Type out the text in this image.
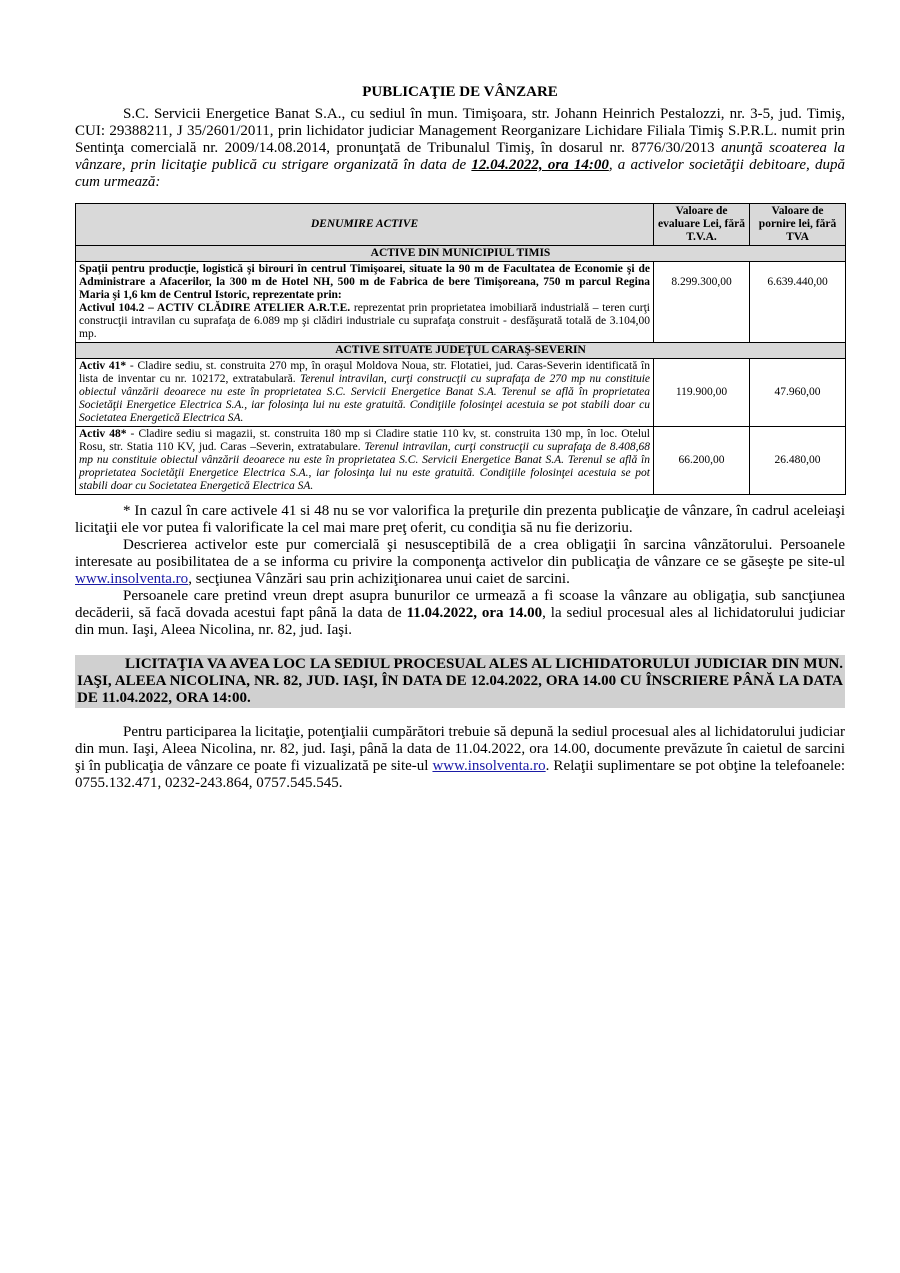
PUBLICAŢIE DE VÂNZARE

S.C. Servicii Energetice Banat S.A., cu sediul în mun. Timişoara, str. Johann Heinrich Pestalozzi, nr. 3-5, jud. Timiş, CUI: 29388211, J 35/2601/2011, prin lichidator judiciar Management Reorganizare Lichidare Filiala Timiş S.P.R.L. numit prin Sentinţa comercială nr. 2009/14.08.2014, pronunţată de Tribunalul Timiş, în dosarul nr. 8776/30/2013 anunţă scoaterea la vânzare, prin licitaţie publică cu strigare organizată în data de 12.04.2022, ora 14:00, a activelor societăţii debitoare, după cum urmează:

DENUMIRE ACTIVE	Valoare de evaluare Lei, fără T.V.A.	Valoare de pornire lei, fără TVA
ACTIVE DIN MUNICIPIUL TIMIS		
Spaţii pentru producţie, logistică şi birouri în centrul Timişoarei, situate la 90 m de Facultatea de Economie şi de Administrare a Afacerilor, la 300 m de Hotel NH, 500 m de Fabrica de bere Timişoreana, 750 m parcul Regina Maria şi 1,6 km de Centrul Istoric, reprezentate prin:
Activul 104.2 – ACTIV CLĂDIRE ATELIER A.R.T.E. reprezentat prin proprietatea imobiliară industrială – teren curţi construcţii intravilan cu suprafaţa de 6.089 mp şi clădiri industriale cu suprafaţa construit - desfăşurată totală de 3.104,00 mp.	8.299.300,00	6.639.440,00
ACTIVE SITUATE JUDEŢUL CARAŞ-SEVERIN		
Activ 41* - Cladire sediu, st. construita 270 mp, în oraşul Moldova Noua, str. Flotatiei, jud. Caras-Severin identificată în lista de inventar cu nr. 102172, extratabulară. Terenul intravilan, curţi construcţii cu suprafaţa de 270 mp nu constituie obiectul vânzării deoarece nu este în proprietatea S.C. Servicii Energetice Banat S.A. Terenul se află în proprietatea Societăţii Energetice Electrica S.A., iar folosinţa lui nu este gratuită. Condiţiile folosinţei acestuia se pot stabili doar cu Societatea Energetică Electrica SA.	119.900,00	47.960,00
Activ 48* - Cladire sediu si magazii, st. construita 180 mp si Cladire statie 110 kv, st. construita 130 mp, în loc. Otelul Rosu, str. Statia 110 KV, jud. Caras –Severin, extratabulare. Terenul intravilan, curţi construcţii cu suprafaţa de 8.408,68 mp nu constituie obiectul vânzării deoarece nu este în proprietatea S.C. Servicii Energetice Banat S.A. Terenul se află în proprietatea Societăţii Energetice Electrica S.A., iar folosinţa lui nu este gratuită. Condiţiile folosinţei acestuia se pot stabili doar cu Societatea Energetică Electrica SA.	66.200,00	26.480,00

* In cazul în care activele 41 si 48 nu se vor valorifica la preţurile din prezenta publicaţie de vânzare, în cadrul aceleiaşi licitaţii ele vor putea fi valorificate la cel mai mare preţ oferit, cu condiţia să nu fie derizoriu.

Descrierea activelor este pur comercială şi nesusceptibilă de a crea obligaţii în sarcina vânzătorului. Persoanele interesate au posibilitatea de a se informa cu privire la componenţa activelor din publicaţia de vânzare ce se găseşte pe site-ul www.insolventa.ro, secţiunea Vânzări sau prin achiziţionarea unui caiet de sarcini.

Persoanele care pretind vreun drept asupra bunurilor ce urmează a fi scoase la vânzare au obligaţia, sub sancţiunea decăderii, să facă dovada acestui fapt până la data de 11.04.2022, ora 14.00, la sediul procesual ales al lichidatorului judiciar din mun. Iaşi, Aleea Nicolina, nr. 82, jud. Iaşi.

LICITAŢIA VA AVEA LOC LA SEDIUL PROCESUAL ALES AL LICHIDATORULUI JUDICIAR DIN MUN. IAŞI, ALEEA NICOLINA, NR. 82, JUD. IAŞI, ÎN DATA DE 12.04.2022, ORA 14.00 CU ÎNSCRIERE PÂNĂ LA DATA DE 11.04.2022, ORA 14:00.

Pentru participarea la licitaţie, potenţialii cumpărători trebuie să depună la sediul procesual ales al lichidatorului judiciar din mun. Iaşi, Aleea Nicolina, nr. 82, jud. Iaşi, până la data de 11.04.2022, ora 14.00, documente prevăzute în caietul de sarcini şi în publicaţia de vânzare ce poate fi vizualizată pe site-ul www.insolventa.ro. Relaţii suplimentare se pot obţine la telefoanele: 0755.132.471, 0232-243.864, 0757.545.545.
